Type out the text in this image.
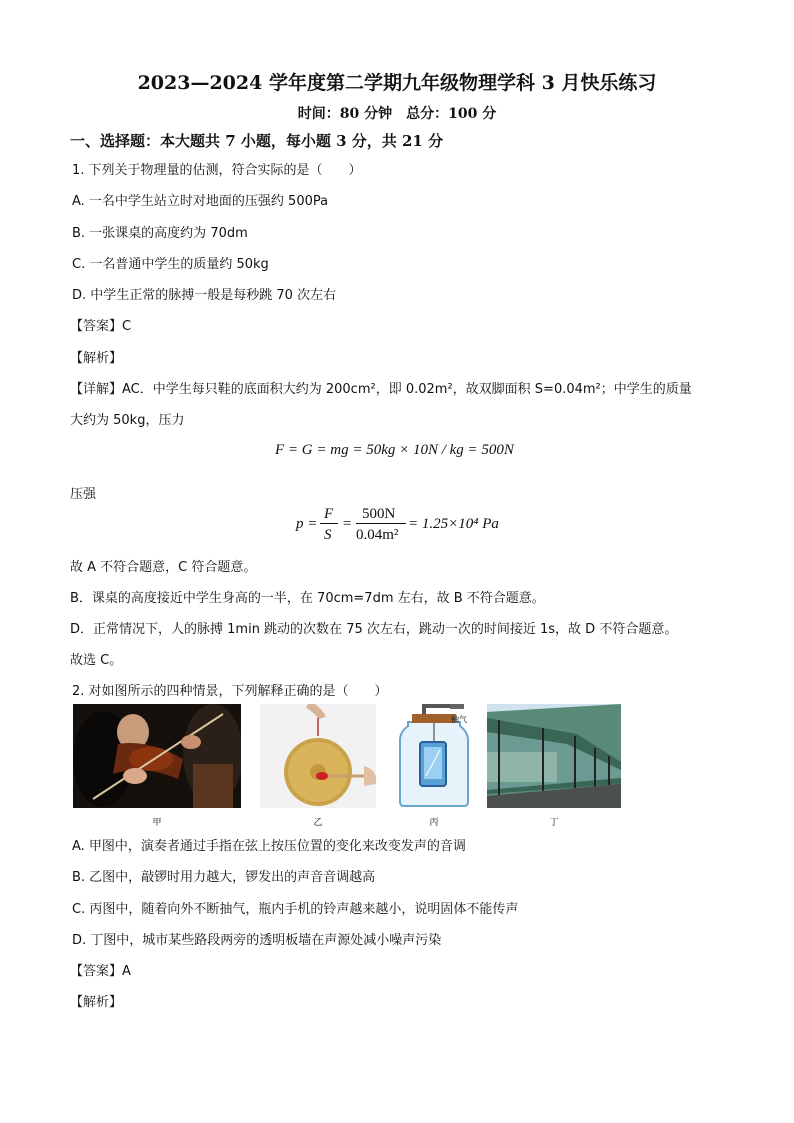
2023—2024 学年度第二学期九年级物理学科 3 月快乐练习
时间：80 分钟　总分：100 分
一、选择题：本大题共 7 小题，每小题 3 分，共 21 分
1. 下列关于物理量的估测，符合实际的是（　　）
A. 一名中学生站立时对地面的压强约 500Pa
B. 一张课桌的高度约为 70dm
C. 一名普通中学生的质量约 50kg
D. 中学生正常的脉搏一般是每秒跳 70 次左右
【答案】C
【解析】
【详解】AC．中学生每只鞋的底面积大约为 200cm²，即 0.02m²，故双脚面积 S=0.04m²；中学生的质量
大约为 50kg，压力
F = G = mg = 50kg × 10N / kg = 500N
压强
p =
F
S
=
500N
0.04m²
= 1.25×10⁴ Pa
故 A 不符合题意，C 符合题意。
B．课桌的高度接近中学生身高的一半，在 70cm=7dm 左右，故 B 不符合题意。
D．正常情况下，人的脉搏 1min 跳动的次数在 75 次左右，跳动一次的时间接近 1s，故 D 不符合题意。
故选 C。
2. 对如图所示的四种情景，下列解释正确的是（　　）
甲	乙
抽气
丙	丁
A. 甲图中，演奏者通过手指在弦上按压位置的变化来改变发声的音调
B. 乙图中，敲锣时用力越大，锣发出的声音音调越高
C. 丙图中，随着向外不断抽气，瓶内手机的铃声越来越小，说明固体不能传声
D. 丁图中，城市某些路段两旁的透明板墙在声源处减小噪声污染
【答案】A
【解析】
